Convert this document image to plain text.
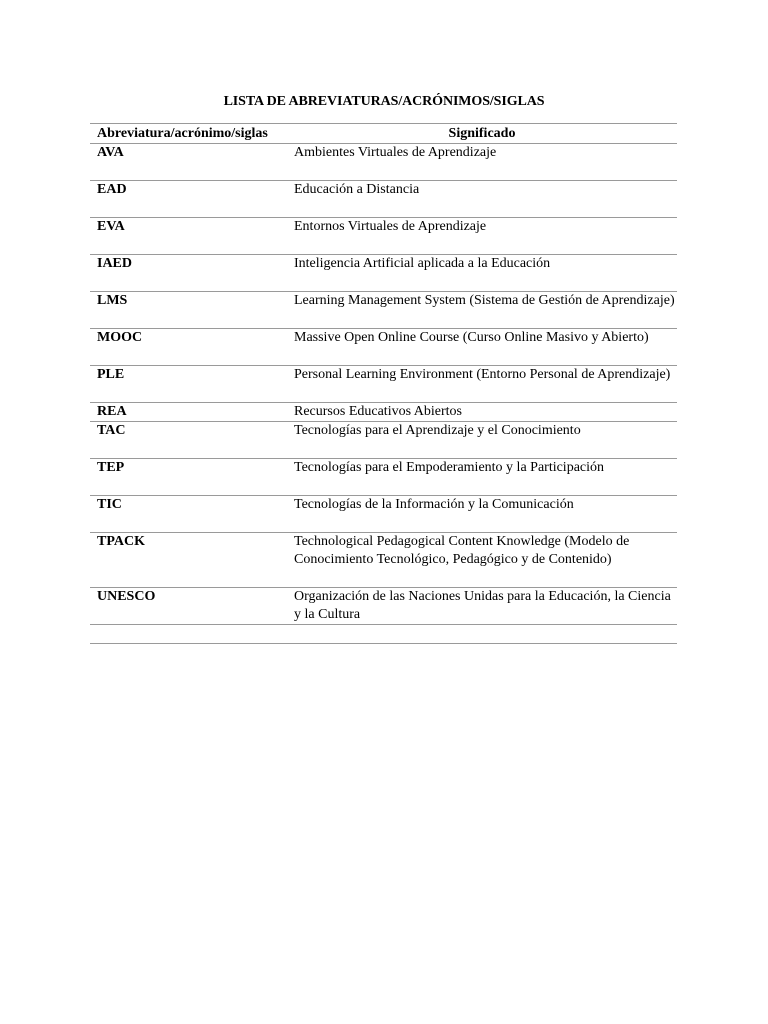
LISTA DE ABREVIATURAS/ACRÓNIMOS/SIGLAS
Abreviatura/acrónimo/siglas	Significado
AVA	Ambientes Virtuales de Aprendizaje
EAD	Educación a Distancia
EVA	Entornos Virtuales de Aprendizaje
IAED	Inteligencia Artificial aplicada a la Educación
LMS	Learning Management System (Sistema de Gestión de Aprendizaje)
MOOC	Massive Open Online Course (Curso Online Masivo y Abierto)
PLE	Personal Learning Environment (Entorno Personal de Aprendizaje)
REA	Recursos Educativos Abiertos
TAC	Tecnologías para el Aprendizaje y el Conocimiento
TEP	Tecnologías para el Empoderamiento y la Participación
TIC	Tecnologías de la Información y la Comunicación
TPACK	Technological Pedagogical Content Knowledge (Modelo de Conocimiento Tecnológico, Pedagógico y de Contenido)
UNESCO	Organización de las Naciones Unidas para la Educación, la Ciencia y la Cultura
